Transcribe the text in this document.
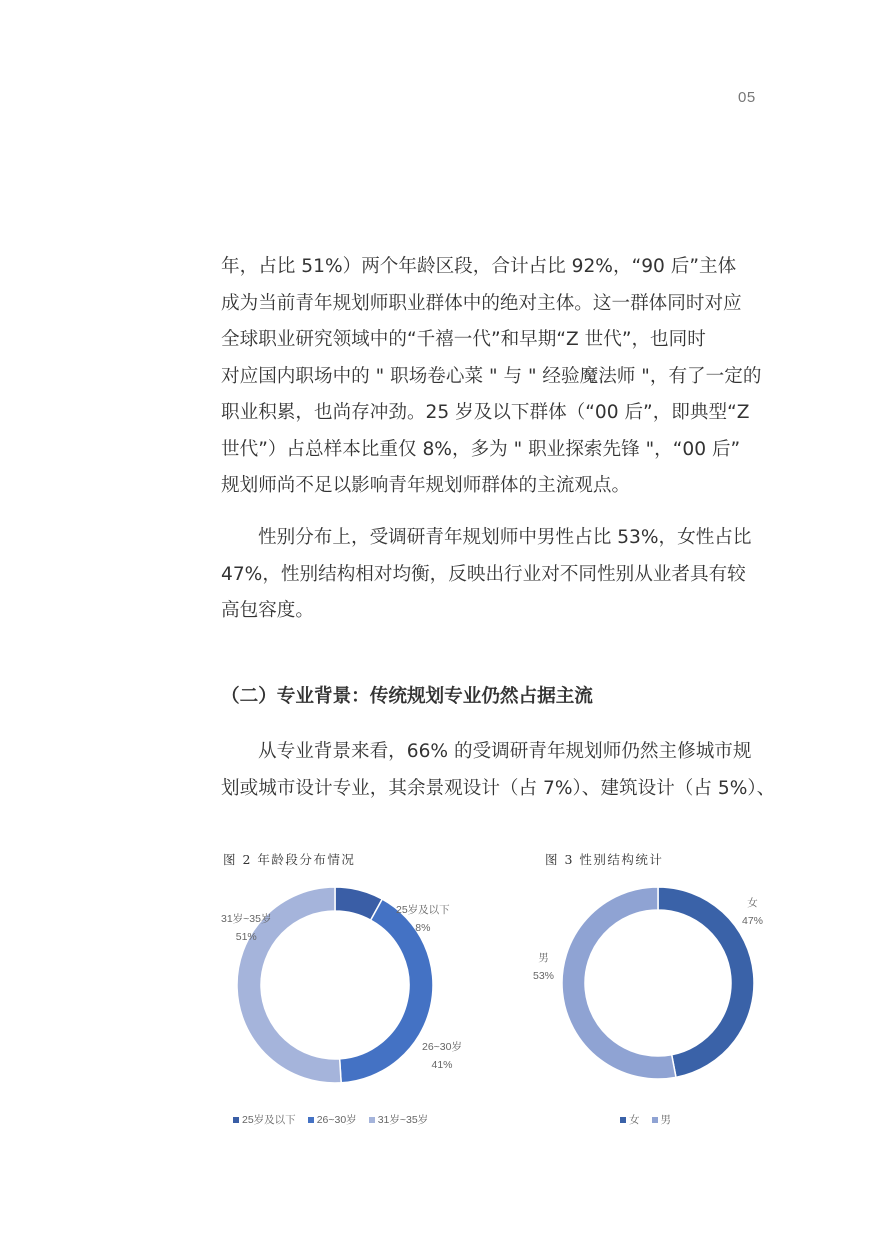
05

年，占比 51%）两个年龄区段，合计占比 92%，“90 后”主体
成为当前青年规划师职业群体中的绝对主体。这一群体同时对应
全球职业研究领域中的“千禧一代”和早期“Z 世代”，也同时
对应国内职场中的 " 职场卷心菜 " 与 " 经验魔法师 "，有了一定的
职业积累，也尚存冲劲。25 岁及以下群体（“00 后”，即典型“Z
世代”）占总样本比重仅 8%，多为 " 职业探索先锋 "，“00 后”
规划师尚不足以影响青年规划师群体的主流观点。

性别分布上，受调研青年规划师中男性占比 53%，女性占比
47%，性别结构相对均衡，反映出行业对不同性别从业者具有较
高包容度。

（二）专业背景：传统规划专业仍然占据主流

从专业背景来看，66% 的受调研青年规划师仍然主修城市规
划或城市设计专业，其余景观设计（占 7%）、建筑设计（占 5%）、

图 2 年龄段分布情况
25岁及以下
8%
26~30岁
41%
31岁~35岁
51%
25岁及以下 26~30岁 31岁~35岁
图 3 性别结构统计
女
47%
男
53%
女 男
